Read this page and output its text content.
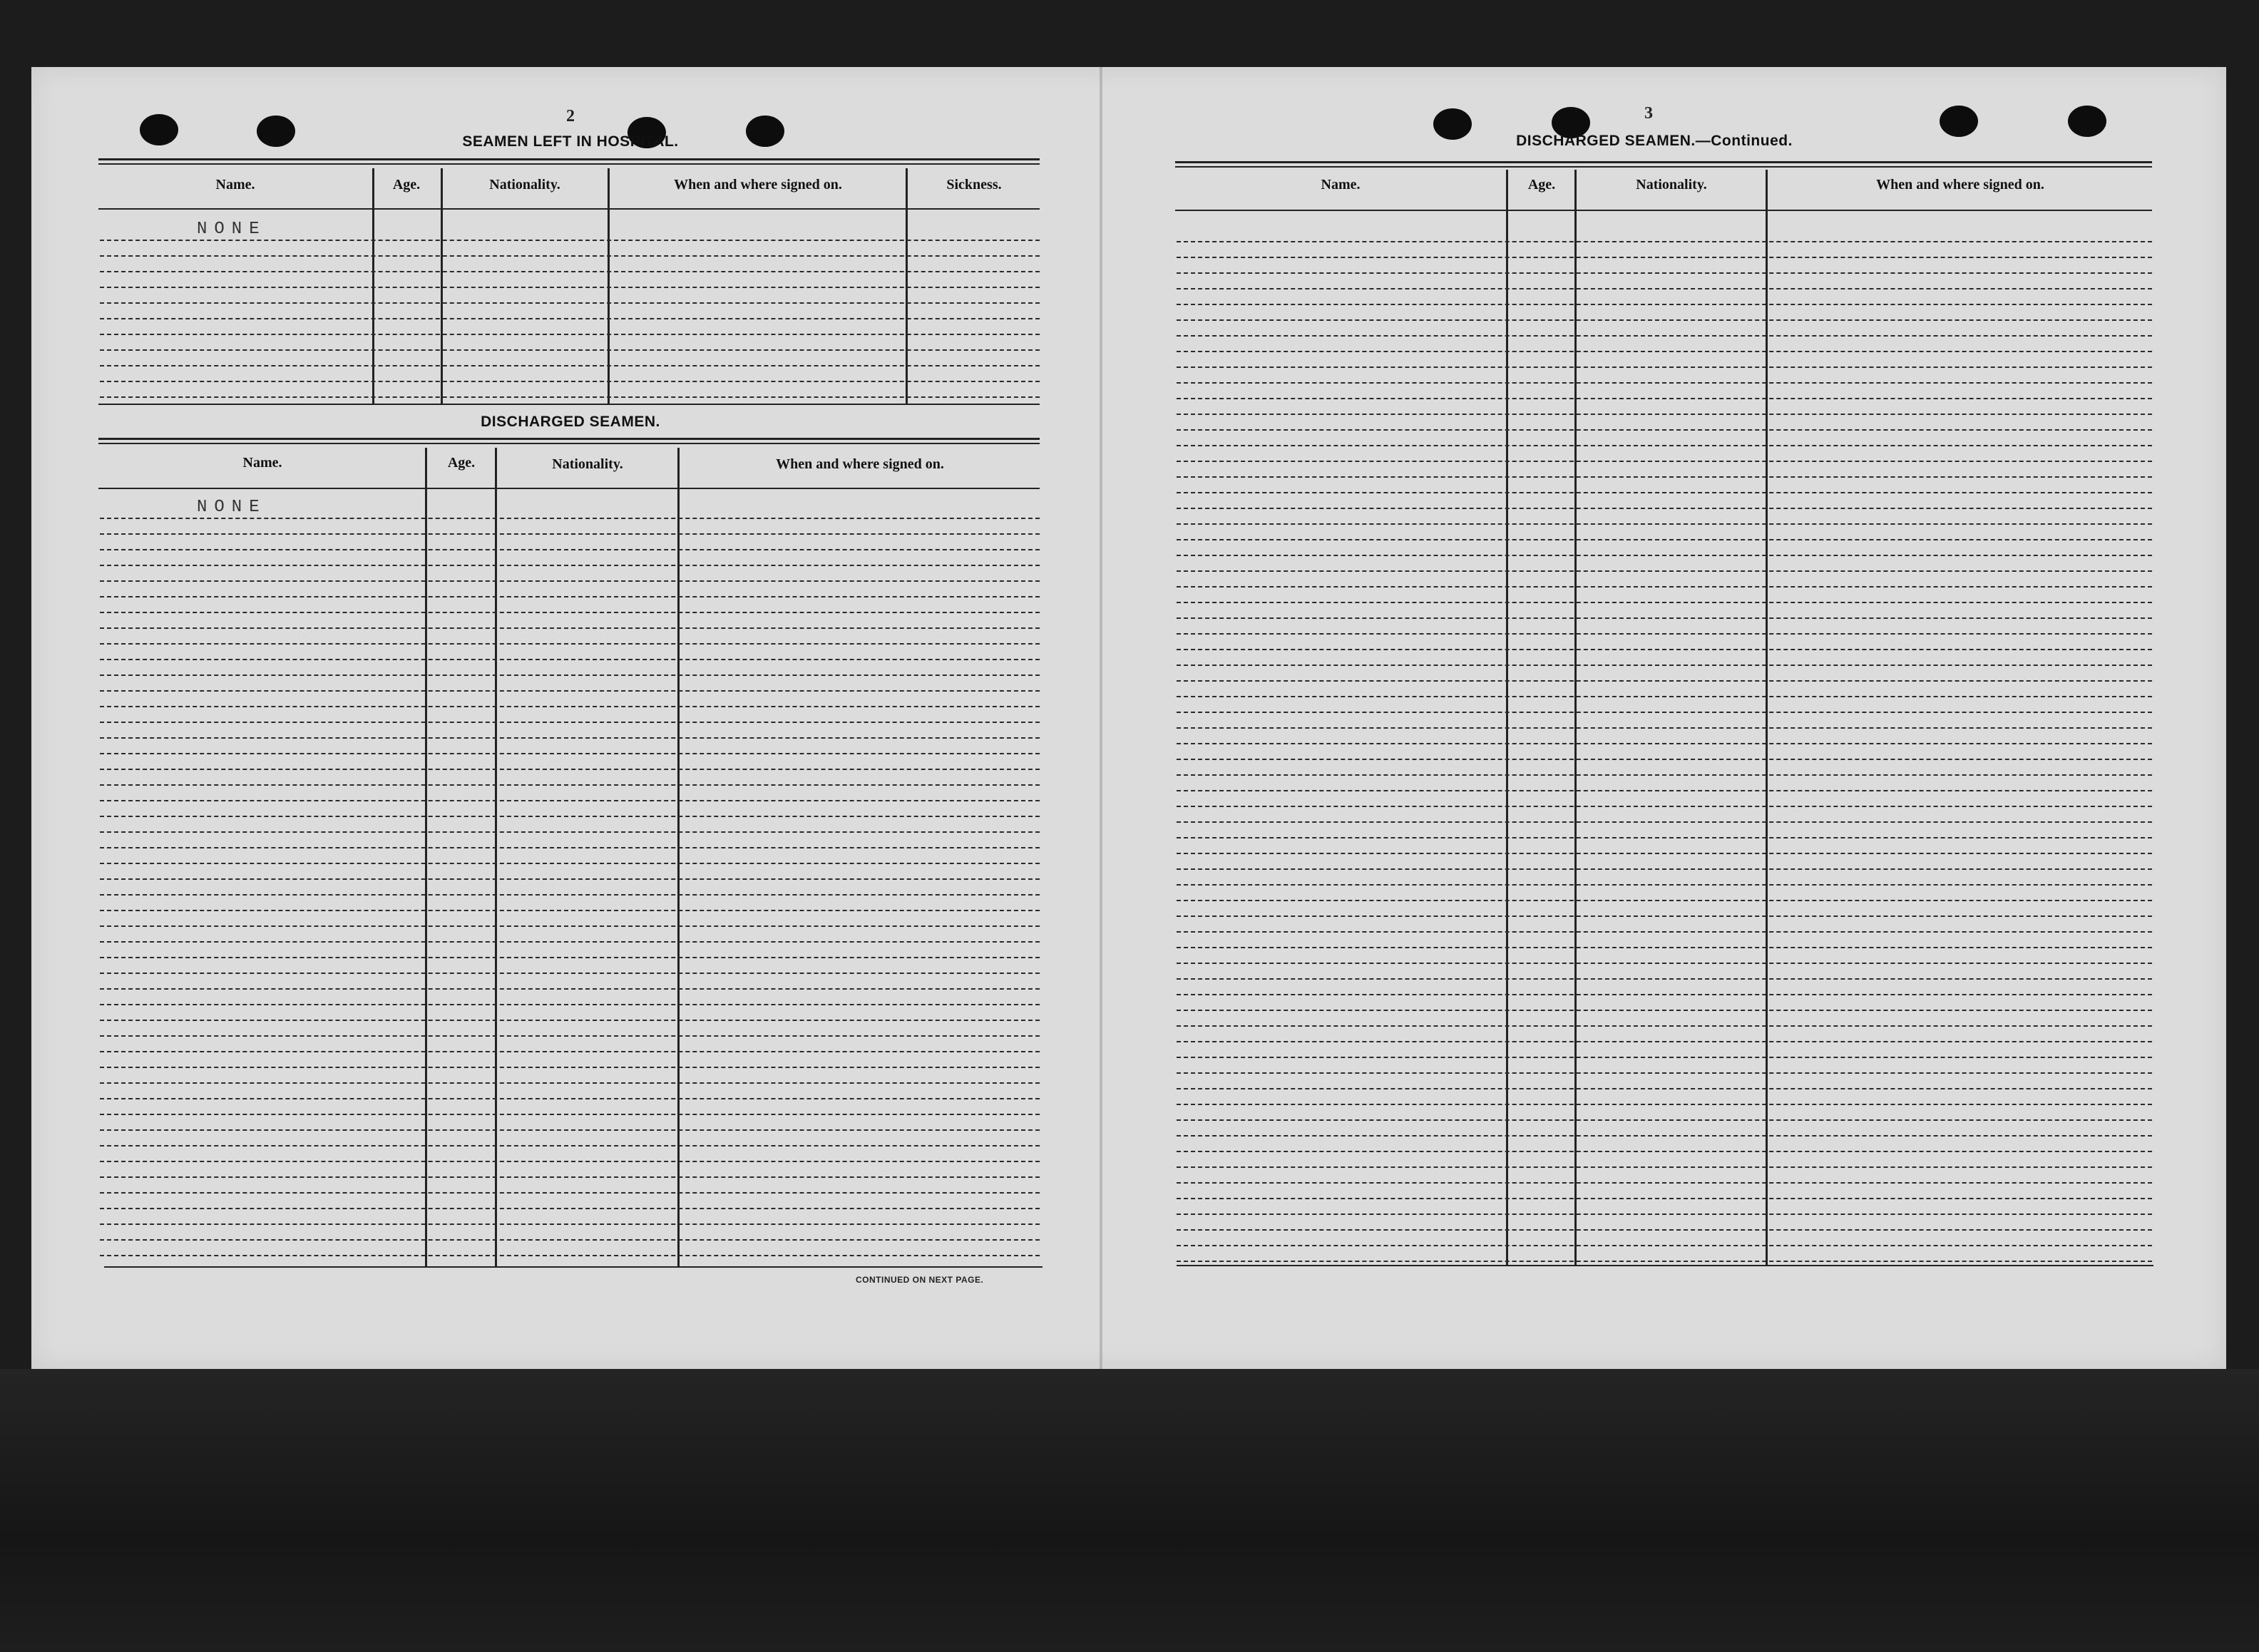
2
SEAMEN LEFT IN HOSPITAL.
Name.	Age.	Nationality.	When and where signed on.	Sickness.
NONE
DISCHARGED SEAMEN.
Name.	Age.	Nationality.	When and where signed on.
NONE
CONTINUED ON NEXT PAGE.
3
DISCHARGED SEAMEN.—Continued.
Name.	Age.	Nationality.	When and where signed on.
